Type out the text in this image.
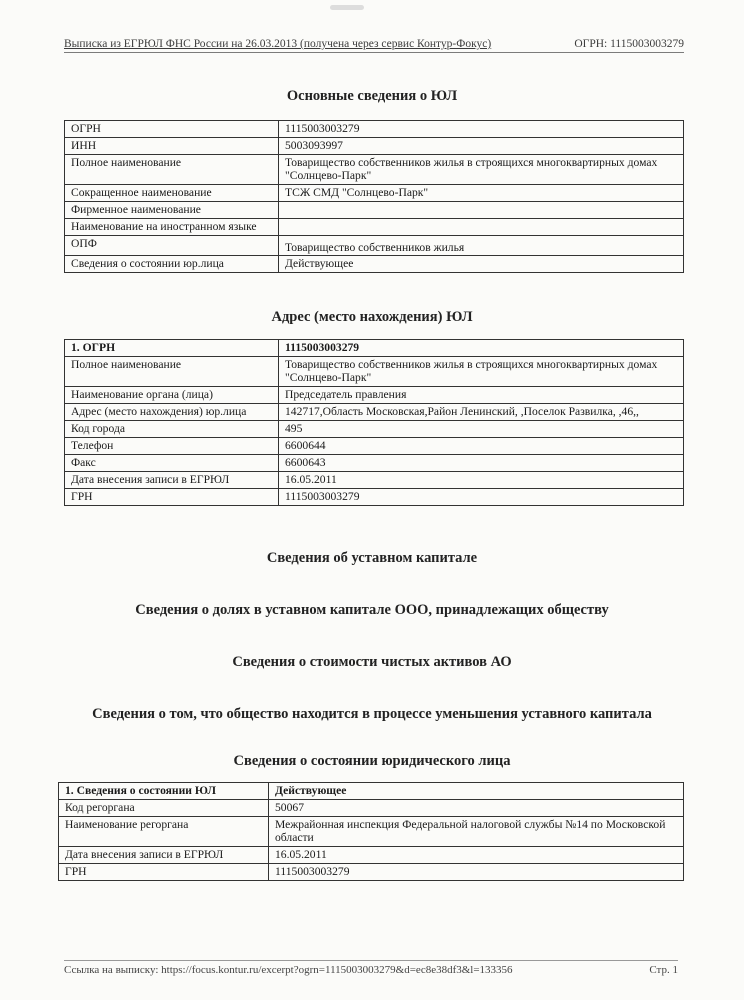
Выписка из ЕГРЮЛ ФНС России на 26.03.2013 (получена через сервис Контур-Фокус)	ОГРН: 1115003003279
Основные сведения о ЮЛ
ОГРН	1115003003279
ИНН	5003093997
Полное наименование	Товарищество собственников жилья в строящихся многоквартирных домах "Солнцево-Парк"
Сокращенное наименование	ТСЖ СМД "Солнцево-Парк"
Фирменное наименование	
Наименование на иностранном языке	
ОПФ	Товарищество собственников жилья
Сведения о состоянии юр.лица	Действующее
Адрес (место нахождения) ЮЛ
1. ОГРН	1115003003279
Полное наименование	Товарищество собственников жилья в строящихся многоквартирных домах "Солнцево-Парк"
Наименование органа (лица)	Председатель правления
Адрес (место нахождения) юр.лица	142717,Область Московская,Район Ленинский, ,Поселок Развилка, ,46,,
Код города	495
Телефон	6600644
Факс	6600643
Дата внесения записи в ЕГРЮЛ	16.05.2011
ГРН	1115003003279
Сведения об уставном капитале
Сведения о долях в уставном капитале ООО, принадлежащих обществу
Сведения о стоимости чистых активов АО
Сведения о том, что общество находится в процессе уменьшения уставного капитала
Сведения о состоянии юридического лица
1. Сведения о состоянии ЮЛ	Действующее
Код регоргана	50067
Наименование регоргана	Межрайонная инспекция Федеральной налоговой службы №14 по Московской области
Дата внесения записи в ЕГРЮЛ	16.05.2011
ГРН	1115003003279
Ссылка на выписку: https://focus.kontur.ru/excerpt?ogrn=1115003003279&d=ec8e38df3&l=133356	Стр. 1
